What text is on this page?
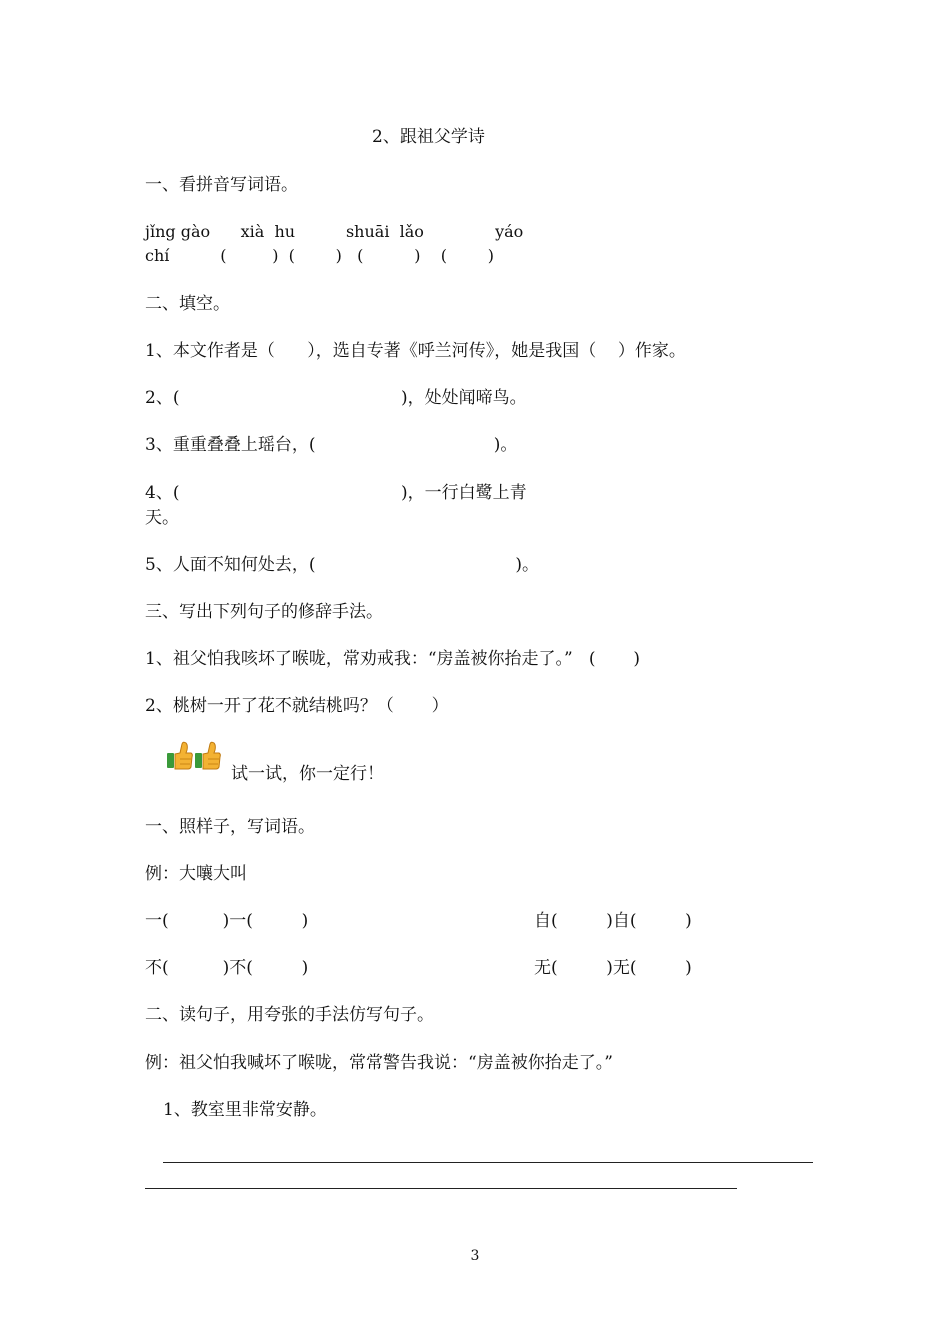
2、跟祖父学诗
一、看拼音写词语。
jǐng gào      xià  hu          shuāi  lǎo              yáo
chí          (         )  (        )   (          )    (        )
二、填空。
1、本文作者是（      ），选自专著《呼兰河传》，她是我国（    ）作家。
2、(                                         )，处处闻啼鸟。
3、重重叠叠上瑶台，(                                 )。
4、(                                         )，一行白鹭上青
天。
5、人面不知何处去，(                                     )。
三、写出下列句子的修辞手法。
1、祖父怕我咳坏了喉咙，常劝戒我：“房盖被你抬走了。”   (       )
2、桃树一开了花不就结桃吗？（       ）
试一试，你一定行！
一、照样子，写词语。
例：大嚷大叫
一(          )一(         )	自(         )自(         )
不(          )不(         )	无(         )无(         )
二、读句子，用夸张的手法仿写句子。
例：祖父怕我喊坏了喉咙，常常警告我说：“房盖被你抬走了。”
1、教室里非常安静。
3
